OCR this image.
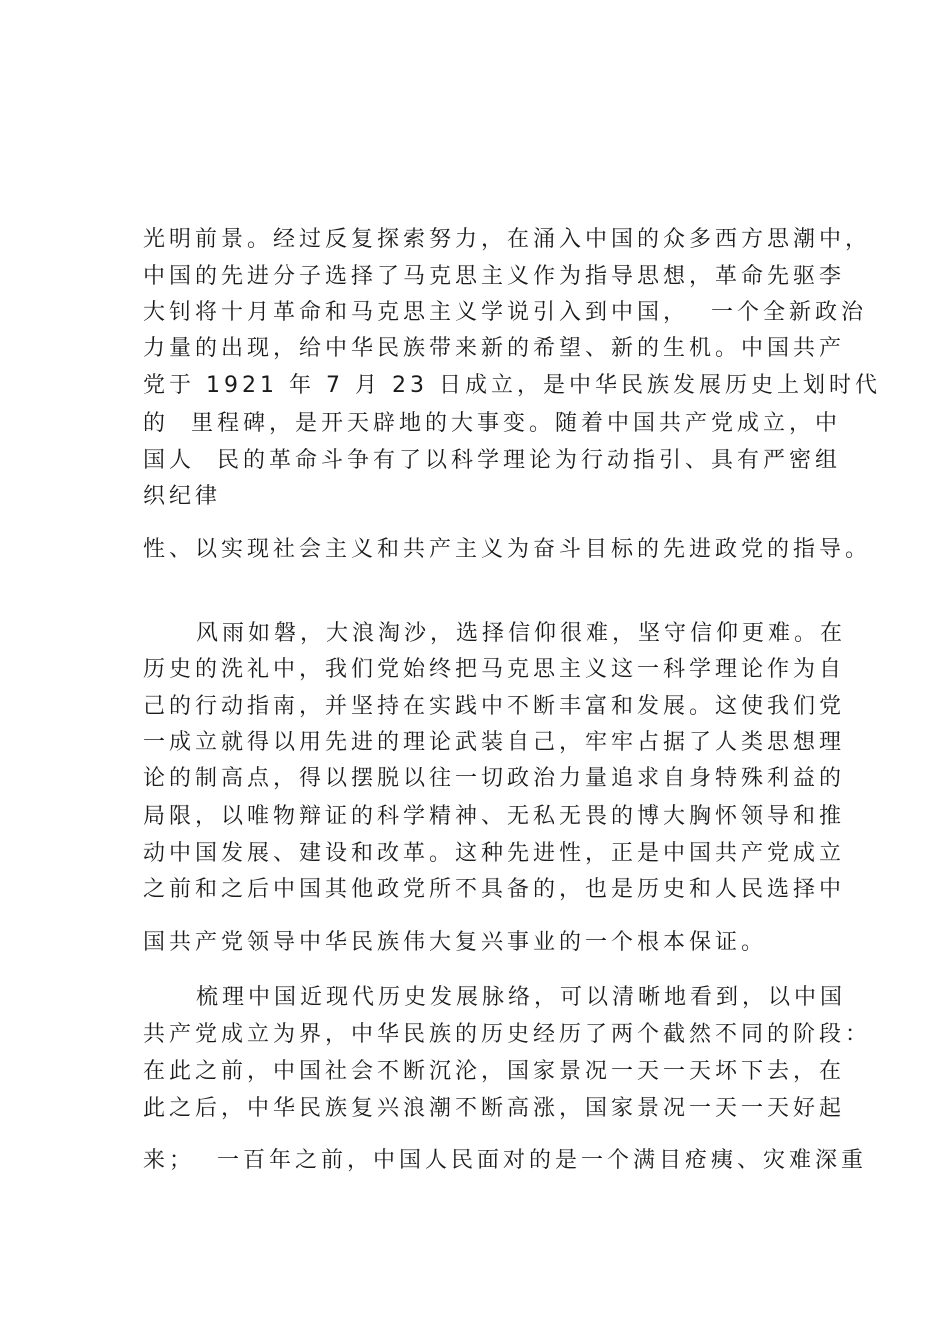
光明前景。经过反复探索努力，在涌入中国的众多西方思潮中，
中国的先进分子选择了马克思主义作为指导思想，革命先驱李
大钊将十月革命和马克思主义学说引入到中国，  一个全新政治
力量的出现，给中华民族带来新的希望、新的生机。中国共产
党于 1921 年 7 月 23 日成立，是中华民族发展历史上划时代
的  里程碑，是开天辟地的大事变。随着中国共产党成立，中
国人  民的革命斗争有了以科学理论为行动指引、具有严密组
织纪律
性、以实现社会主义和共产主义为奋斗目标的先进政党的指导。
风雨如磐，大浪淘沙，选择信仰很难，坚守信仰更难。在
历史的洗礼中，我们党始终把马克思主义这一科学理论作为自
己的行动指南，并坚持在实践中不断丰富和发展。这使我们党
一成立就得以用先进的理论武装自己，牢牢占据了人类思想理
论的制高点，得以摆脱以往一切政治力量追求自身特殊利益的
局限，以唯物辩证的科学精神、无私无畏的博大胸怀领导和推
动中国发展、建设和改革。这种先进性，正是中国共产党成立
之前和之后中国其他政党所不具备的，也是历史和人民选择中
国共产党领导中华民族伟大复兴事业的一个根本保证。
梳理中国近现代历史发展脉络，可以清晰地看到，以中国
共产党成立为界，中华民族的历史经历了两个截然不同的阶段：
在此之前，中国社会不断沉沦，国家景况一天一天坏下去，在
此之后，中华民族复兴浪潮不断高涨，国家景况一天一天好起
来；  一百年之前，中国人民面对的是一个满目疮痍、灾难深重
